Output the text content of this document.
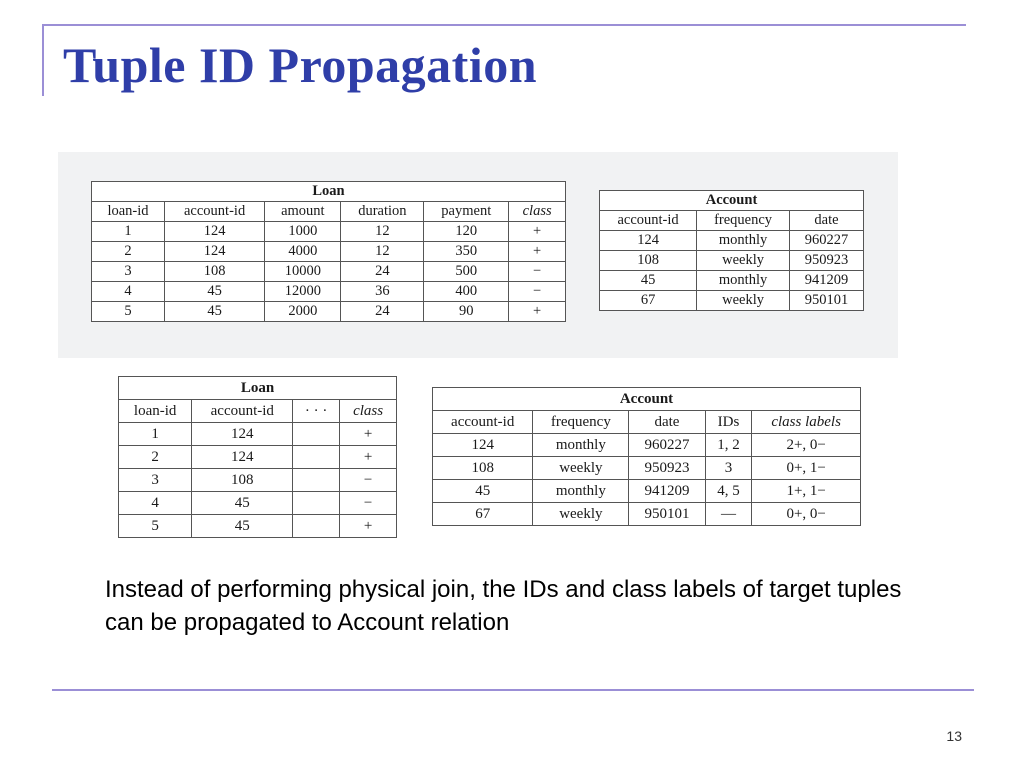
Tuple ID Propagation
Loan					
loan-id	account-id	amount	duration	payment	class
1	124	1000	12	120	+
2	124	4000	12	350	+
3	108	10000	24	500	−
4	45	12000	36	400	−
5	45	2000	24	90	+
Account		
account-id	frequency	date
124	monthly	960227
108	weekly	950923
45	monthly	941209
67	weekly	950101
Loan			
loan-id	account-id	· · ·	class
1	124		+
2	124		+
3	108		−
4	45		−
5	45		+
Account				
account-id	frequency	date	IDs	class labels
124	monthly	960227	1, 2	2+, 0−
108	weekly	950923	3	0+, 1−
45	monthly	941209	4, 5	1+, 1−
67	weekly	950101	—	0+, 0−
Instead of performing physical join, the IDs and class labels of target tuples can be propagated to Account relation
13
